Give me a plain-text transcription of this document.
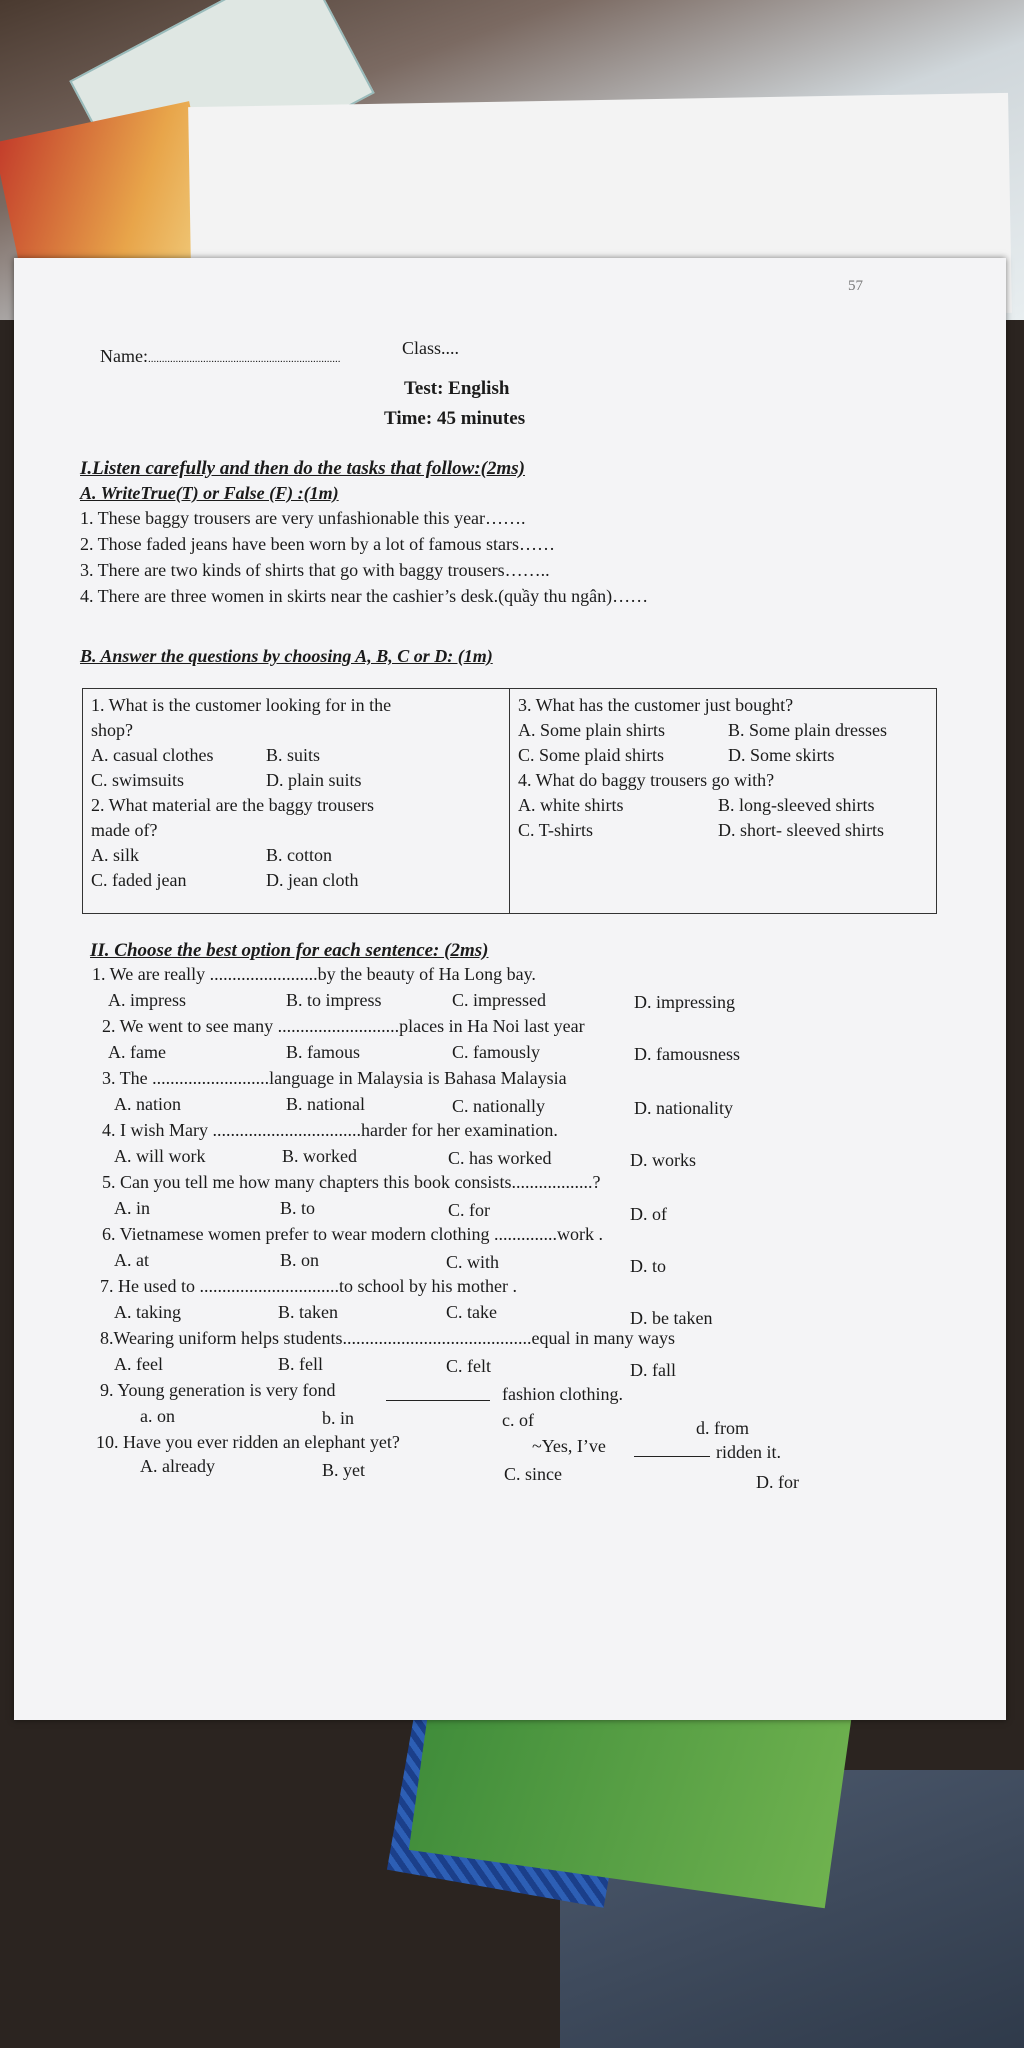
57
Name:......................................................................
Class....
Test: English
Time: 45 minutes
I.Listen carefully and then do the tasks that follow:(2ms)
A. WriteTrue(T) or False (F) :(1m)
1. These baggy trousers are very unfashionable this year…….
2. Those faded jeans have been worn by a lot of famous stars……
3. There are two kinds of shirts that go with baggy trousers……..
4. There are three women in skirts near the cashier’s desk.(quầy thu ngân)……
B. Answer the questions by choosing A, B, C or D: (1m)
1. What is the customer looking for in the
shop?
A. casual clothes	B. suits
C. swimsuits	D. plain suits
2. What material are the baggy trousers
made of?
A. silk	B. cotton
C. faded jean	D. jean cloth

3. What has the customer just bought?
A. Some plain shirts	B. Some plain dresses
C. Some plaid shirts	D. Some skirts
4. What do baggy trousers go with?
A. white shirts	B. long-sleeved shirts
C. T-shirts	D. short- sleeved shirts
II. Choose the best option for each sentence: (2ms)
1. We are really ........................by the beauty of Ha Long bay.
A. impress	B. to impress	C. impressed	D. impressing
2. We went to see many ...........................places in Ha Noi last year
A. fame	B. famous	C. famously	D. famousness
3. The ..........................language in Malaysia is Bahasa Malaysia
A. nation	B. national	C. nationally	D. nationality
4. I wish Mary .................................harder for her examination.
A. will work	B. worked	C. has worked	D. works
5. Can you tell me how many chapters this book consists..................?
A. in	B. to	C. for	D. of
6. Vietnamese women prefer to wear modern clothing ..............work .
A. at	B. on	C. with	D. to
7. He used to ...............................to school by his mother .
A. taking	B. taken	C. take	D. be taken
8.Wearing uniform helps students..........................................equal in many ways
A. feel	B. fell	C. felt	D. fall
9. Young generation is very fond	fashion clothing.
a. on	b. in	c. of	d. from
10. Have you ever ridden an elephant yet?	~Yes, I’ve	ridden it.
A. already	B. yet	C. since	D. for
